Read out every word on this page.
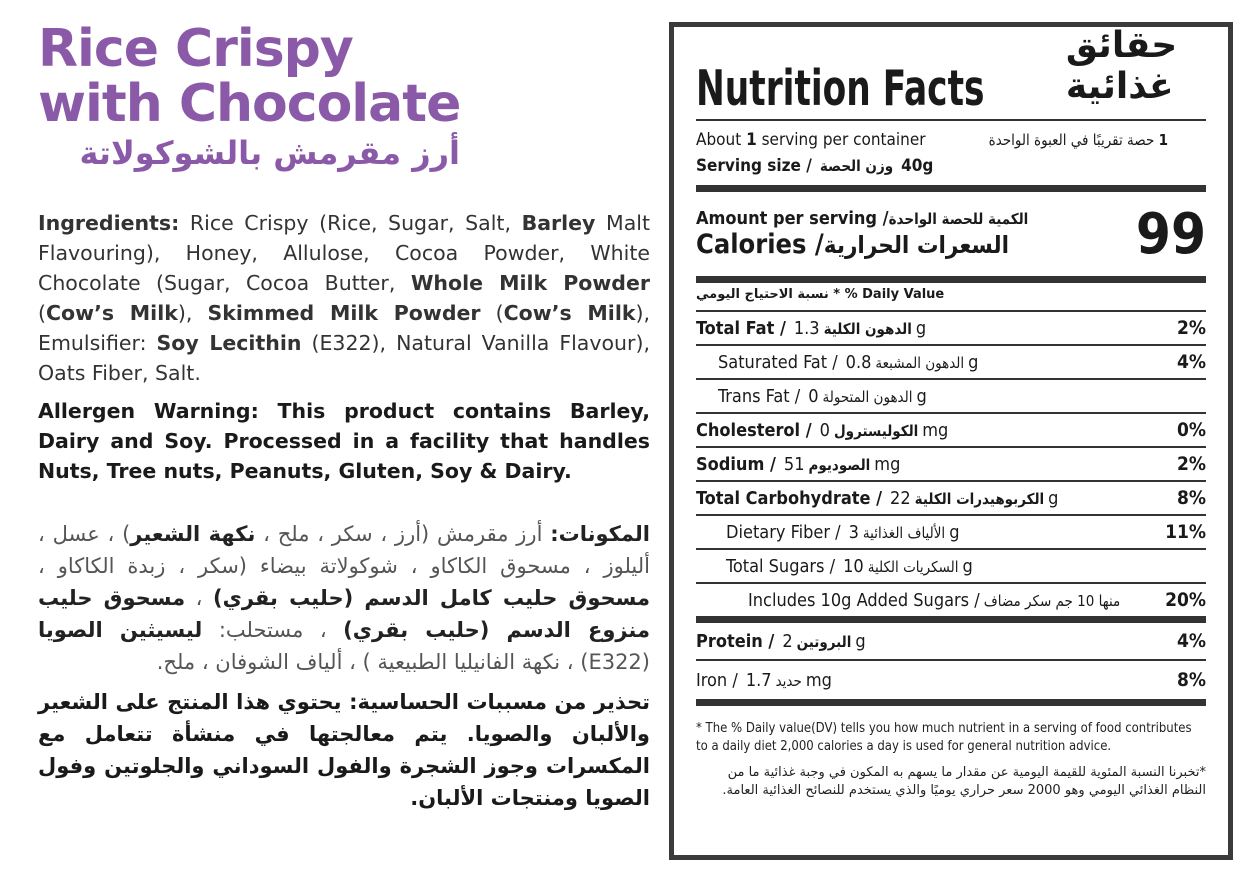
Rice Crispy
with Chocolate
أرز مقرمش بالشوكولاتة

Ingredients: Rice Crispy (Rice, Sugar, Salt, Barley Malt Flavouring), Honey, Allulose, Cocoa Powder, White Chocolate (Sugar, Cocoa Butter, Whole Milk Powder (Cow’s Milk), Skimmed Milk Powder (Cow’s Milk), Emulsifier: Soy Lecithin (E322), Natural Vanilla Flavour), Oats Fiber, Salt.

Allergen Warning: This product contains Barley, Dairy and Soy. Processed in a facility that handles Nuts, Tree nuts, Peanuts, Gluten, Soy & Dairy.

المكونات: أرز مقرمش (أرز ، سكر ، ملح ، نكهة الشعير) ، عسل ، أليلوز ، مسحوق الكاكاو ، شوكولاتة بيضاء (سكر ، زبدة الكاكاو ، مسحوق حليب كامل الدسم (حليب بقري) ، مسحوق حليب منزوع الدسم (حليب بقري) ، مستحلب: ليسيثين الصويا (E322) ، نكهة الفانيليا الطبيعية ) ، ألياف الشوفان ، ملح.

تحذير من مسببات الحساسية: يحتوي هذا المنتج على الشعير والألبان والصويا. يتم معالجتها في منشأة تتعامل مع المكسرات وجوز الشجرة والفول السوداني والجلوتين وفول الصويا ومنتجات الألبان.

Nutrition Facts
حقائق غذائية
About 1 serving per container	1 حصة تقريبًا في العبوة الواحدة
Serving size / وزن الحصة 40g
Amount per serving /الكمية للحصة الواحدة
Calories /السعرات الحرارية	99
نسبة الاحتياج اليومي * % Daily Value
Total Fat /	الدهون الكلية1.3g	2%
Saturated Fat /	الدهون المشبعة0.8g	4%
Trans Fat / الدهون المتحولة0g
Cholesterol / الكوليسترول0mg	0%
Sodium / الصوديوم51mg	2%
Total Carbohydrate / الكربوهيدرات الكلية22g	8%
Dietary Fiber / الألياف الغذائية3g	11%
Total Sugars / السكريات الكلية10g
Includes 10g Added Sugars / منها 10 جم سكر مضاف	20%
Protein / البروتين2g	4%
Iron /	حديد1.7mg	8%
* The % Daily value(DV) tells you how much nutrient in a serving of food contributes to a daily diet 2,000 calories a day is used for general nutrition advice.
*تخبرنا النسبة المئوية للقيمة اليومية عن مقدار ما يسهم به المكون في وجبة غذائية ما من النظام الغذائي اليومي وهو 2000 سعر حراري يوميًا والذي يستخدم للنصائح الغذائية العامة.
